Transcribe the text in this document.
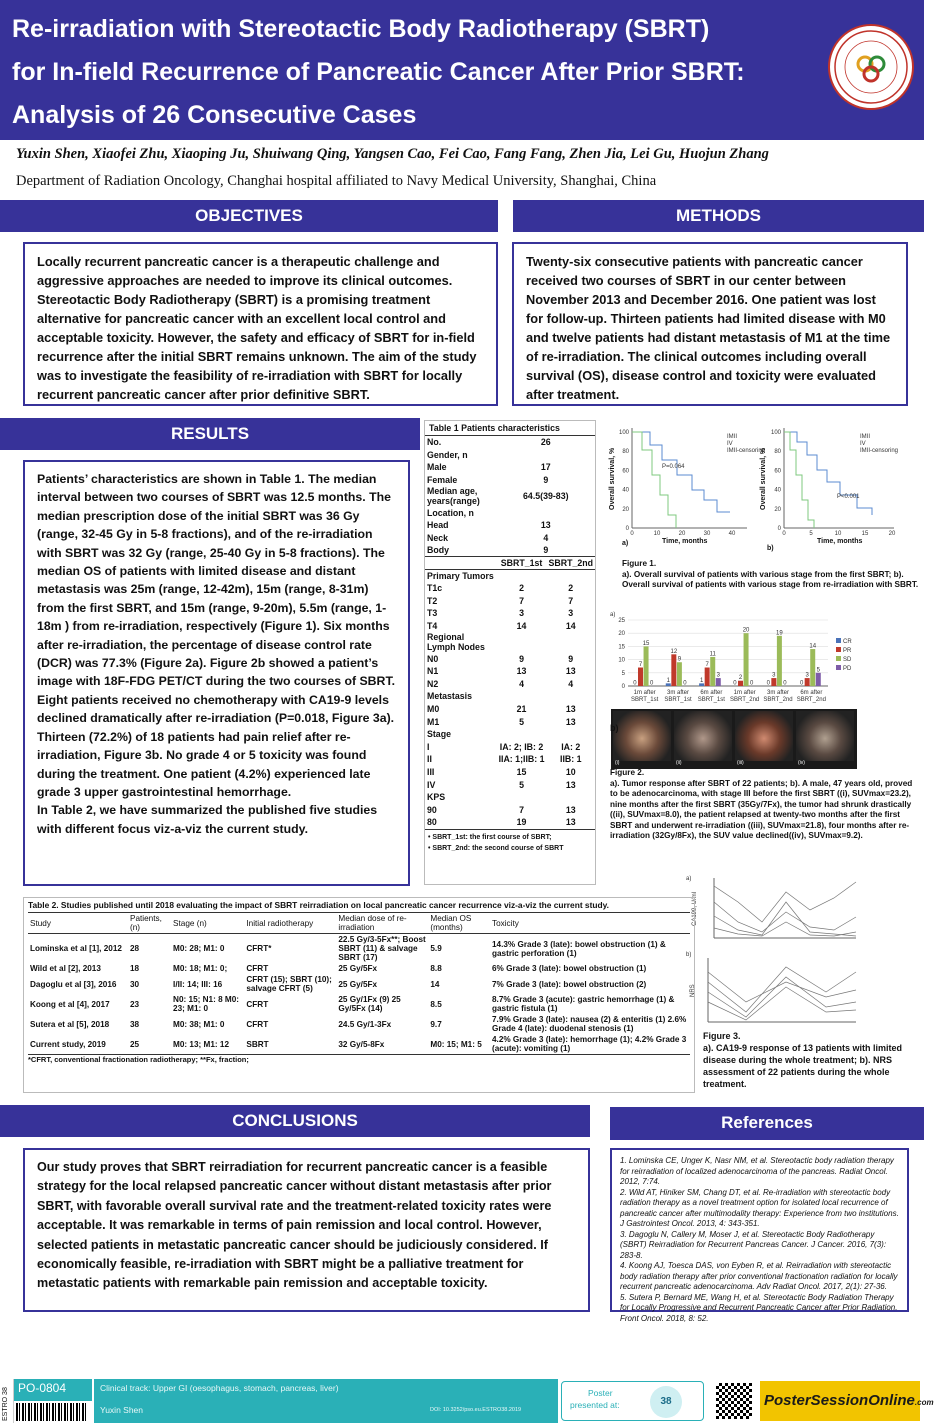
Re-irradiation with Stereotactic Body Radiotherapy (SBRT)
for In-field Recurrence of Pancreatic Cancer After Prior SBRT:
Analysis of 26 Consecutive Cases
Yuxin Shen, Xiaofei Zhu, Xiaoping Ju, Shuiwang Qing, Yangsen Cao, Fei Cao, Fang Fang, Zhen Jia, Lei Gu, Huojun Zhang
Department of Radiation Oncology, Changhai hospital affiliated to Navy Medical University, Shanghai, China
OBJECTIVES	METHODS
Locally recurrent pancreatic cancer is a therapeutic challenge and aggressive approaches are needed to improve its clinical outcomes. Stereotactic Body Radiotherapy (SBRT) is a promising treatment alternative for pancreatic cancer with an excellent local control and acceptable toxicity. However, the safety and efficacy of SBRT for in-field recurrence after the initial SBRT remains unknown. The aim of the study was to investigate the feasibility of re-irradiation with SBRT for locally recurrent pancreatic cancer after prior definitive SBRT.
Twenty-six consecutive patients with pancreatic cancer received two courses of SBRT in our center between November 2013 and December 2016. One patient was lost for follow-up. Thirteen patients had limited disease with M0 and twelve patients had distant metastasis of M1 at the time of re-irradiation. The clinical outcomes including overall survival (OS), disease control and toxicity were evaluated after treatment.
RESULTS
Patients’ characteristics are shown in Table 1. The median interval between two courses of SBRT was 12.5 months. The median prescription dose of the initial SBRT was 36 Gy (range, 32-45 Gy in 5-8 fractions), and of the re-irradiation with SBRT was 32 Gy (range, 25-40 Gy in 5-8 fractions). The median OS of patients with limited disease and distant metastasis was 25m (range, 12-42m), 15m (range, 8-31m) from the first SBRT, and 15m (range, 9-20m), 5.5m (range, 1-18m ) from re-irradiation, respectively (Figure 1). Six months after re-irradiation, the percentage of disease control rate (DCR) was 77.3% (Figure 2a). Figure 2b showed a patient’s image with 18F-FDG PET/CT during the two courses of SBRT. Eight patients received no chemotherapy with CA19-9 levels declined dramatically after re-irradiation (P=0.018, Figure 3a). Thirteen (72.2%) of 18 patients had pain relief after re-irradiation, Figure 3b. No grade 4 or 5 toxicity was found during the treatment. One patient (4.2%) experienced late grade 3 upper gastrointestinal hemorrhage.
In Table 2, we have summarized the published five studies with different focus viz-a-viz the current study.
Table 1 Patients characteristics
No.	26	
Gender, n		
Male	17	
Female	9	
Median age, years(range)	64.5(39-83)	
Location, n		
Head	13	
Neck	4	
Body	9	
	SBRT_1st	SBRT_2nd
Primary Tumors		
T1c	2	2
T2	7	7
T3	3	3
T4	14	14
Regional Lymph Nodes		
N0	9	9
N1	13	13
N2	4	4
Metastasis		
M0	21	13
M1	5	13
Stage		
I	IA: 2; IB: 2	IA: 2
II	IIA: 1;IIB: 1	IIB: 1
III	15	10
IV	5	13
KPS		
90	7	13
80	19	13
• SBRT_1st: the first course of SBRT;
• SBRT_2nd: the second course of SBRT
P=0.064
IMII
IV
IMII-censoring
Time, months
a)
Overall survival, %	P<0.001
IMII
IV
IMII-censoring
Time, months
b)
Overall survival, %
0	0
20	20
40	40
60	60
80	80
100	100
0	10	20	30	40	0	5	10	15	20
Figure 1.
a). Overall survival of patients with various stage from the first SBRT; b). Overall survival of patients with various stage from re-irradiation with SBRT.
a)
0
5
10
15
20
25
0
7
15
0
1m after
SBRT_1st
1
12
9
0
3m after
SBRT_1st
1
7
11
3
6m after
SBRT_1st
0
2
20
0
1m after
SBRT_2nd
0
3
19
0
3m after
SBRT_2nd
0
3
14
5
6m after
SBRT_2nd
CR
PR
SD
PD
(i)	(ii)	(iii)	(iv)
b)
Figure 2.
a). Tumor response after SBRT of 22 patients; b). A male, 47 years old, proved to be adenocarcinoma, with stage III before the first SBRT ((i), SUVmax=23.2), nine months after the first SBRT (35Gy/7Fx), the tumor had shrunk drastically ((ii), SUVmax=8.0), the patient relapsed at twenty-two months after the first SBRT and underwent re-irradiation ((iii), SUVmax=21.8), four months after re-irradiation (32Gy/8Fx), the SUV value declined((iv), SUVmax=9.2).
a)
CA199, U/ml
b)
NRS
Figure 3.
a). CA19-9 response of 13 patients with limited disease during the whole treatment; b). NRS assessment of 22 patients during the whole treatment.
Table 2. Studies published until 2018 evaluating the impact of SBRT reirradiation on local pancreatic cancer recurrence viz-a-viz the current study.
Study	Patients, (n)	Stage (n)	Initial radiotherapy	Median dose of re-irradiation	Median OS (months)	Toxicity
Lominska et al [1], 2012	28	M0: 28; M1: 0	CFRT*	22.5 Gy/3-5Fx**; Boost SBRT (11) & salvage SBRT (17)	5.9	14.3% Grade 3 (late): bowel obstruction (1) & gastric perforation (1)
Wild et al [2], 2013	18	M0: 18; M1: 0;	CFRT	25 Gy/5Fx	8.8	6% Grade 3 (late): bowel obstruction (1)
Dagoglu et al [3], 2016	30	I/II: 14; III: 16	CFRT (15); SBRT (10); salvage CFRT (5)	25 Gy/5Fx	14	7% Grade 3 (late): bowel obstruction (2)
Koong et al [4], 2017	23	N0: 15; N1: 8 M0: 23; M1: 0	CFRT	25 Gy/1Fx (9) 25 Gy/5Fx (14)	8.5	8.7% Grade 3 (acute): gastric hemorrhage (1) & gastric fistula (1)
Sutera et al [5], 2018	38	M0: 38; M1: 0	CFRT	24.5 Gy/1-3Fx	9.7	7.9% Grade 3 (late): nausea (2) & enteritis (1) 2.6% Grade 4 (late): duodenal stenosis (1)
Current study, 2019	25	M0: 13; M1: 12	SBRT	32 Gy/5-8Fx	M0: 15; M1: 5	4.2% Grade 3 (late): hemorrhage (1); 4.2% Grade 3 (acute): vomiting (1)
*CFRT, conventional fractionation radiotherapy; **Fx, fraction;
CONCLUSIONS	References
Our study proves that SBRT reirradiation for recurrent pancreatic cancer is a feasible strategy for the local relapsed pancreatic cancer without distant metastasis after prior SBRT, with favorable overall survival rate and the treatment-related toxicity rates were acceptable. It was remarkable in terms of pain remission and local control. However, selected patients in metastatic pancreatic cancer should be judiciously considered. If economically feasible, re-irradiation with SBRT might be a palliative treatment for metastatic patients with remarkable pain remission and acceptable toxicity.
1. Lominska CE, Unger K, Nasr NM, et al. Stereotactic body radiation therapy for reirradiation of localized adenocarcinoma of the pancreas. Radiat Oncol. 2012, 7:74.
2. Wild AT, Hiniker SM, Chang DT, et al. Re-irradiation with stereotactic body radiation therapy as a novel treatment option for isolated local recurrence of pancreatic cancer after multimodality therapy: Experience from two institutions. J Gastrointest Oncol. 2013, 4: 343-351.
3. Dagoglu N, Callery M, Moser J, et al. Stereotactic Body Radiotherapy (SBRT) Reirradiation for Recurrent Pancreas Cancer. J Cancer. 2016, 7(3): 283-8.
4. Koong AJ, Toesca DAS, von Eyben R, et al. Reirradiation with stereotactic body radiation therapy after prior conventional fractionation radiation for locally recurrent pancreatic adenocarcinoma. Adv Radiat Oncol. 2017, 2(1): 27-36.
5. Sutera P, Bernard ME, Wang H, et al. Stereotactic Body Radiation Therapy for Locally Progressive and Recurrent Pancreatic Cancer after Prior Radiation. Front Oncol. 2018, 8: 52.
ESTRO 38 PO-0804	Clinical track: Upper GI (oesophagus, stomach, pancreas, liver)
Yuxin Shen	DOI: 10.3252/pso.eu.ESTRO38.2019
Poster
presented at:	38	PosterSessionOnline.com
